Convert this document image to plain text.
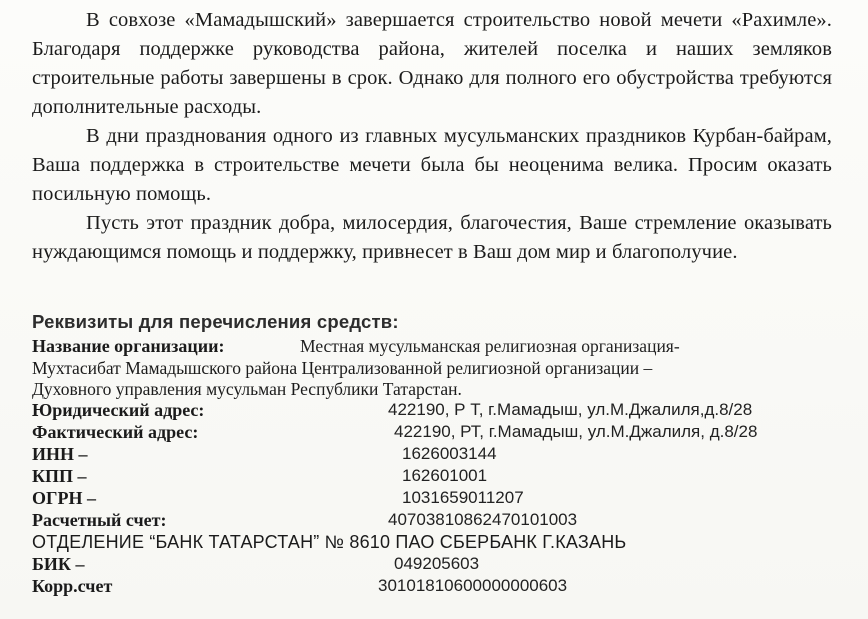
В совхозе «Мамадышский» завершается строительство новой мечети «Рахимле». Благодаря поддержке руководства района, жителей поселка и наших земляков строительные работы завершены в срок. Однако для полного его обустройства требуются дополнительные расходы.

В дни празднования одного из главных мусульманских праздников Курбан-байрам, Ваша поддержка в строительстве мечети была бы неоценима велика. Просим оказать посильную помощь.

Пусть этот праздник добра, милосердия, благочестия, Ваше стремление оказывать нуждающимся помощь и поддержку, привнесет в Ваш дом мир и благополучие.

Реквизиты для перечисления средств:
Название организации:	Местная мусульманская религиозная организация-
Мухтасибат Мамадышского района Централизованной религиозной организации –
Духовного управления мусульман Республики Татарстан.
Юридический адрес:	422190, Р Т, г.Мамадыш, ул.М.Джалиля,д.8/28
Фактический адрес:	422190, РТ, г.Мамадыш, ул.М.Джалиля, д.8/28
ИНН –	1626003144
КПП –	162601001
ОГРН –	1031659011207
Расчетный счет:	40703810862470101003
ОТДЕЛЕНИЕ “БАНК ТАТАРСТАН” № 8610 ПАО СБЕРБАНК Г.КАЗАНЬ
БИК –	049205603
Корр.счет	30101810600000000603
